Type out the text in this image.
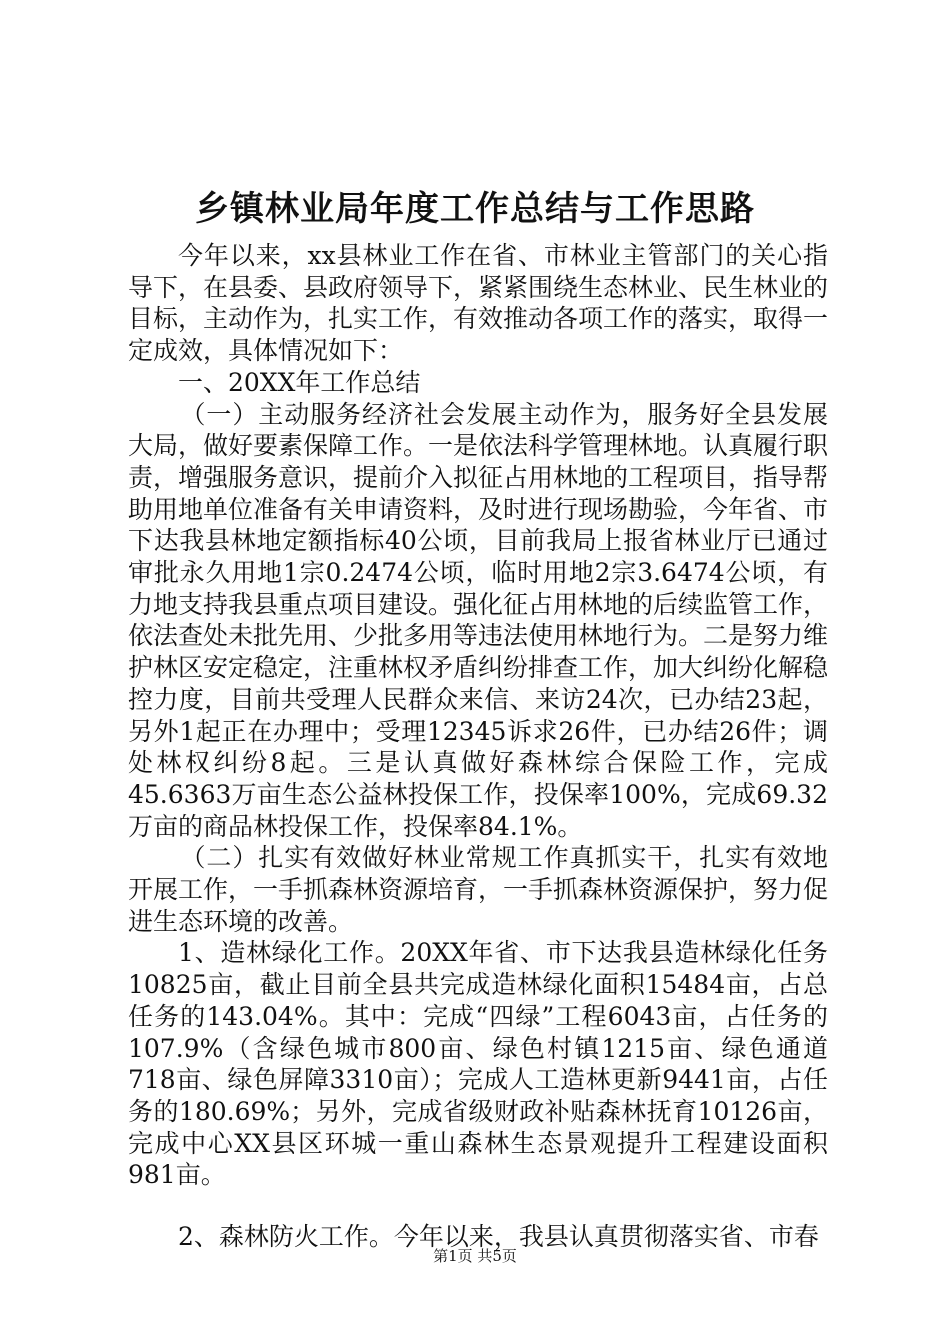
乡镇林业局年度工作总结与工作思路

今年以来，xx县林业工作在省、市林业主管部门的关心指导下，在县委、县政府领导下，紧紧围绕生态林业、民生林业的目标，主动作为，扎实工作，有效推动各项工作的落实，取得一定成效，具体情况如下：

一、20XX年工作总结

（一）主动服务经济社会发展主动作为，服务好全县发展大局，做好要素保障工作。一是依法科学管理林地。认真履行职责，增强服务意识，提前介入拟征占用林地的工程项目，指导帮助用地单位准备有关申请资料，及时进行现场勘验，今年省、市下达我县林地定额指标40公顷，目前我局上报省林业厅已通过审批永久用地1宗0.2474公顷，临时用地2宗3.6474公顷，有力地支持我县重点项目建设。强化征占用林地的后续监管工作，依法查处未批先用、少批多用等违法使用林地行为。二是努力维护林区安定稳定，注重林权矛盾纠纷排查工作，加大纠纷化解稳控力度，目前共受理人民群众来信、来访24次，已办结23起，另外1起正在办理中；受理12345诉求26件，已办结26件；调处林权纠纷8起。三是认真做好森林综合保险工作，完成45.6363万亩生态公益林投保工作，投保率100%，完成69.32万亩的商品林投保工作，投保率84.1%。

（二）扎实有效做好林业常规工作真抓实干，扎实有效地开展工作，一手抓森林资源培育，一手抓森林资源保护，努力促进生态环境的改善。

1、造林绿化工作。20XX年省、市下达我县造林绿化任务10825亩，截止目前全县共完成造林绿化面积15484亩，占总任务的143.04%。其中：完成“四绿”工程6043亩，占任务的107.9%（含绿色城市800亩、绿色村镇1215亩、绿色通道718亩、绿色屏障3310亩）；完成人工造林更新9441亩，占任务的180.69%；另外，完成省级财政补贴森林抚育10126亩，完成中心XX县区环城一重山森林生态景观提升工程建设面积981亩。

2、森林防火工作。今年以来，我县认真贯彻落实省、市春

第1页 共5页
